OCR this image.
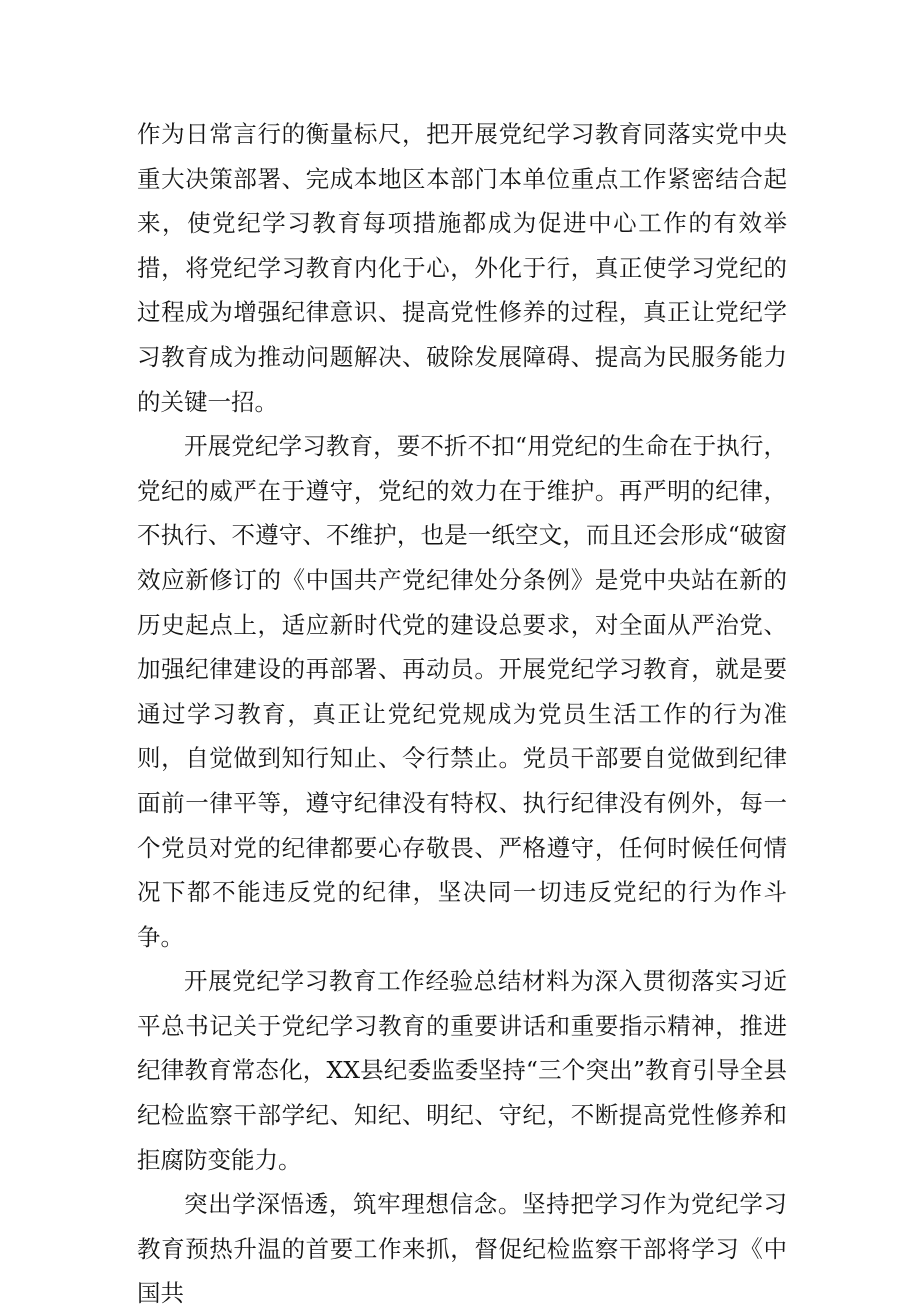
作为日常言行的衡量标尺，把开展党纪学习教育同落实党中央重大决策部署、完成本地区本部门本单位重点工作紧密结合起来，使党纪学习教育每项措施都成为促进中心工作的有效举措，将党纪学习教育内化于心，外化于行，真正使学习党纪的过程成为增强纪律意识、提高党性修养的过程，真正让党纪学习教育成为推动问题解决、破除发展障碍、提高为民服务能力的关键一招。

开展党纪学习教育，要不折不扣“用党纪的生命在于执行，党纪的威严在于遵守，党纪的效力在于维护。再严明的纪律，不执行、不遵守、不维护，也是一纸空文，而且还会形成“破窗效应新修订的《中国共产党纪律处分条例》是党中央站在新的历史起点上，适应新时代党的建设总要求，对全面从严治党、加强纪律建设的再部署、再动员。开展党纪学习教育，就是要通过学习教育，真正让党纪党规成为党员生活工作的行为准则，自觉做到知行知止、令行禁止。党员干部要自觉做到纪律面前一律平等，遵守纪律没有特权、执行纪律没有例外，每一个党员对党的纪律都要心存敬畏、严格遵守，任何时候任何情况下都不能违反党的纪律，坚决同一切违反党纪的行为作斗争。

开展党纪学习教育工作经验总结材料为深入贯彻落实习近平总书记关于党纪学习教育的重要讲话和重要指示精神，推进纪律教育常态化，XX县纪委监委坚持“三个突出”教育引导全县纪检监察干部学纪、知纪、明纪、守纪，不断提高党性修养和拒腐防变能力。

突出学深悟透，筑牢理想信念。坚持把学习作为党纪学习教育预热升温的首要工作来抓，督促纪检监察干部将学习《中国共
